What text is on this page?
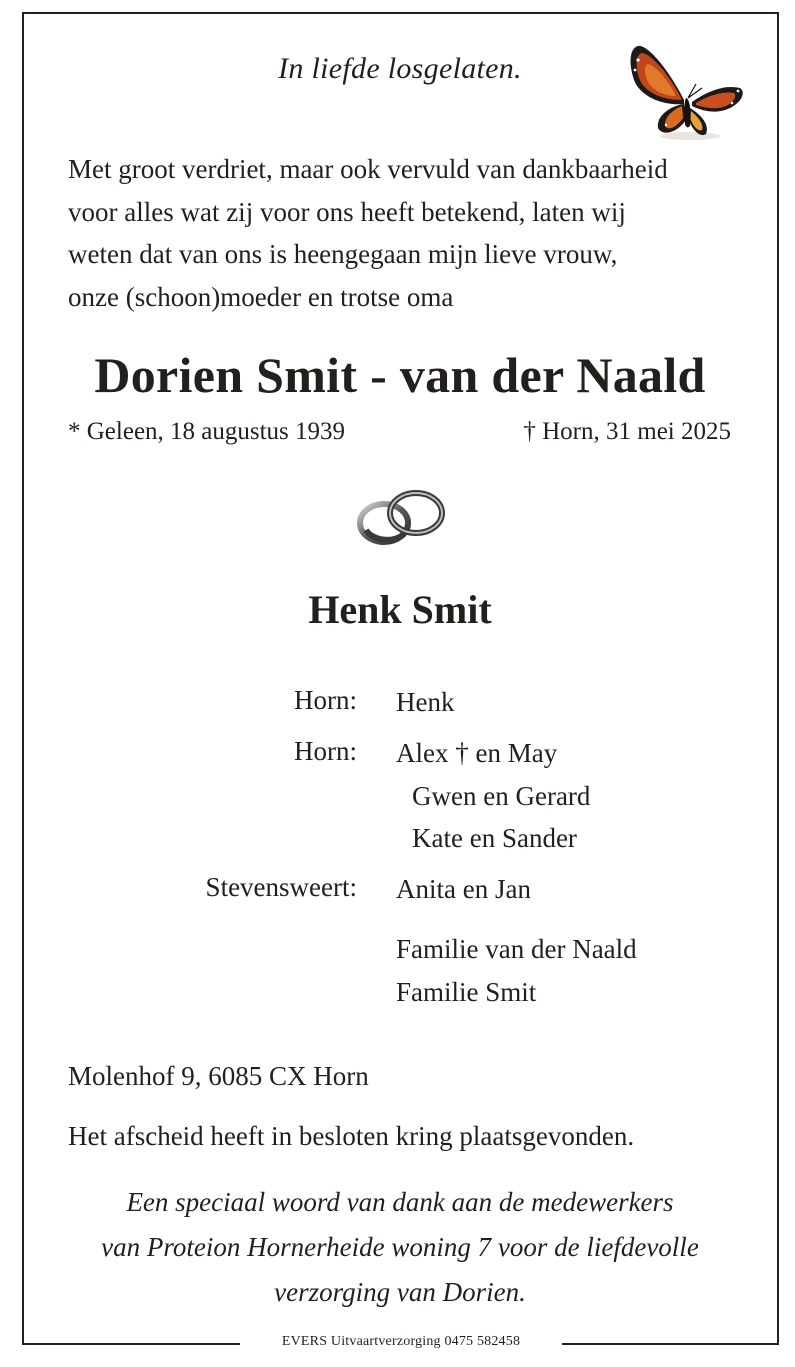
EVERS Uitvaartverzorging 0475 582458
In liefde losgelaten.
Met groot verdriet, maar ook vervuld van dankbaarheid
voor alles wat zij voor ons heeft betekend, laten wij
weten dat van ons is heengegaan mijn lieve vrouw,
onze (schoon)moeder en trotse oma
Dorien Smit - van der Naald
* Geleen, 18 augustus 1939	† Horn, 31 mei 2025
Henk Smit
Horn: Henk
Horn: Alex † en May
Gwen en Gerard
Kate en Sander
Stevensweert: Anita en Jan
Familie van der Naald
Familie Smit
Molenhof 9, 6085 CX Horn
Het afscheid heeft in besloten kring plaatsgevonden.
Een speciaal woord van dank aan de medewerkers
van Proteion Hornerheide woning 7 voor de liefdevolle
verzorging van Dorien.
